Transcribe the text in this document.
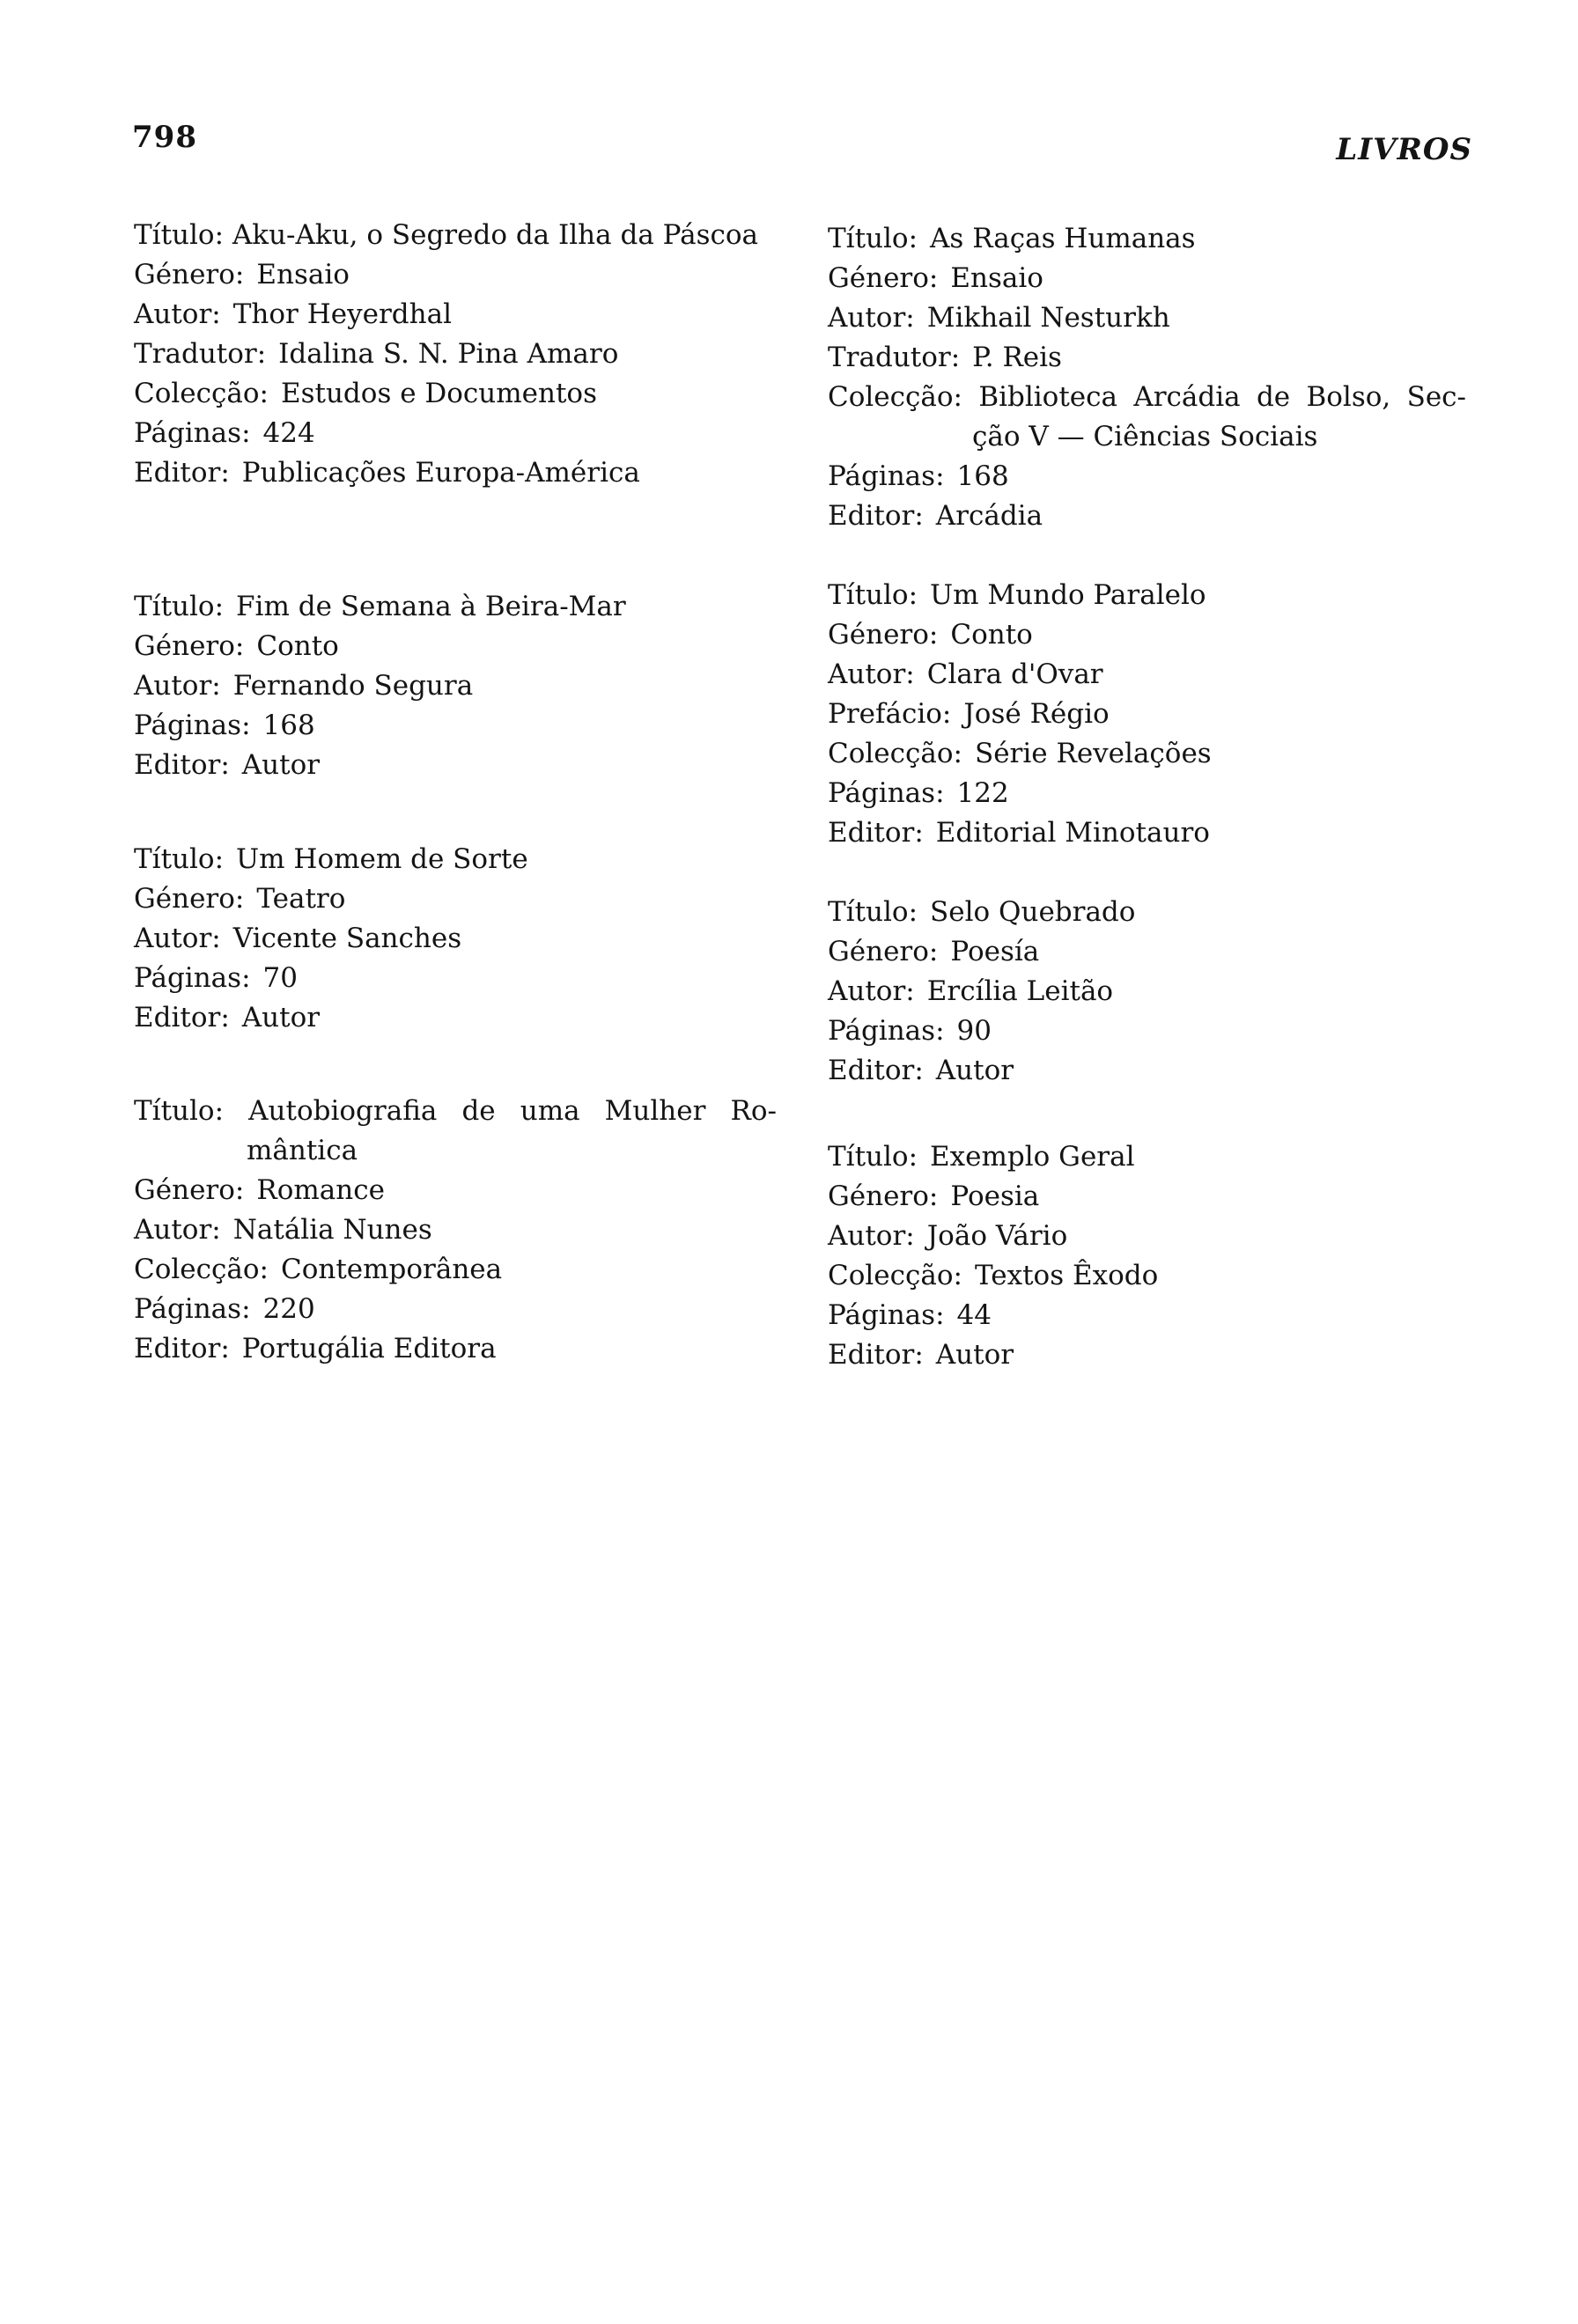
798	LIVROS
Título: Aku-Aku, o Segredo da Ilha da Páscoa
Género: Ensaio
Autor: Thor Heyerdhal
Tradutor: Idalina S. N. Pina Amaro
Colecção: Estudos e Documentos
Páginas: 424
Editor: Publicações Europa-América
Título: Fim de Semana à Beira-Mar
Género: Conto
Autor: Fernando Segura
Páginas: 168
Editor: Autor
Título: Um Homem de Sorte
Género: Teatro
Autor: Vicente Sanches
Páginas: 70
Editor: Autor
Título: Autobiografia de uma Mulher Ro-mântica
Género: Romance
Autor: Natália Nunes
Colecção: Contemporânea
Páginas: 220
Editor: Portugália Editora
Título: As Raças Humanas
Género: Ensaio
Autor: Mikhail Nesturkh
Tradutor: P. Reis
Colecção: Biblioteca Arcádia de Bolso, Sec-ção V — Ciências Sociais
Páginas: 168
Editor: Arcádia
Título: Um Mundo Paralelo
Género: Conto
Autor: Clara d'Ovar
Prefácio: José Régio
Colecção: Série Revelações
Páginas: 122
Editor: Editorial Minotauro
Título: Selo Quebrado
Género: Poesía
Autor: Ercília Leitão
Páginas: 90
Editor: Autor
Título: Exemplo Geral
Género: Poesia
Autor: João Vário
Colecção: Textos Êxodo
Páginas: 44
Editor: Autor
